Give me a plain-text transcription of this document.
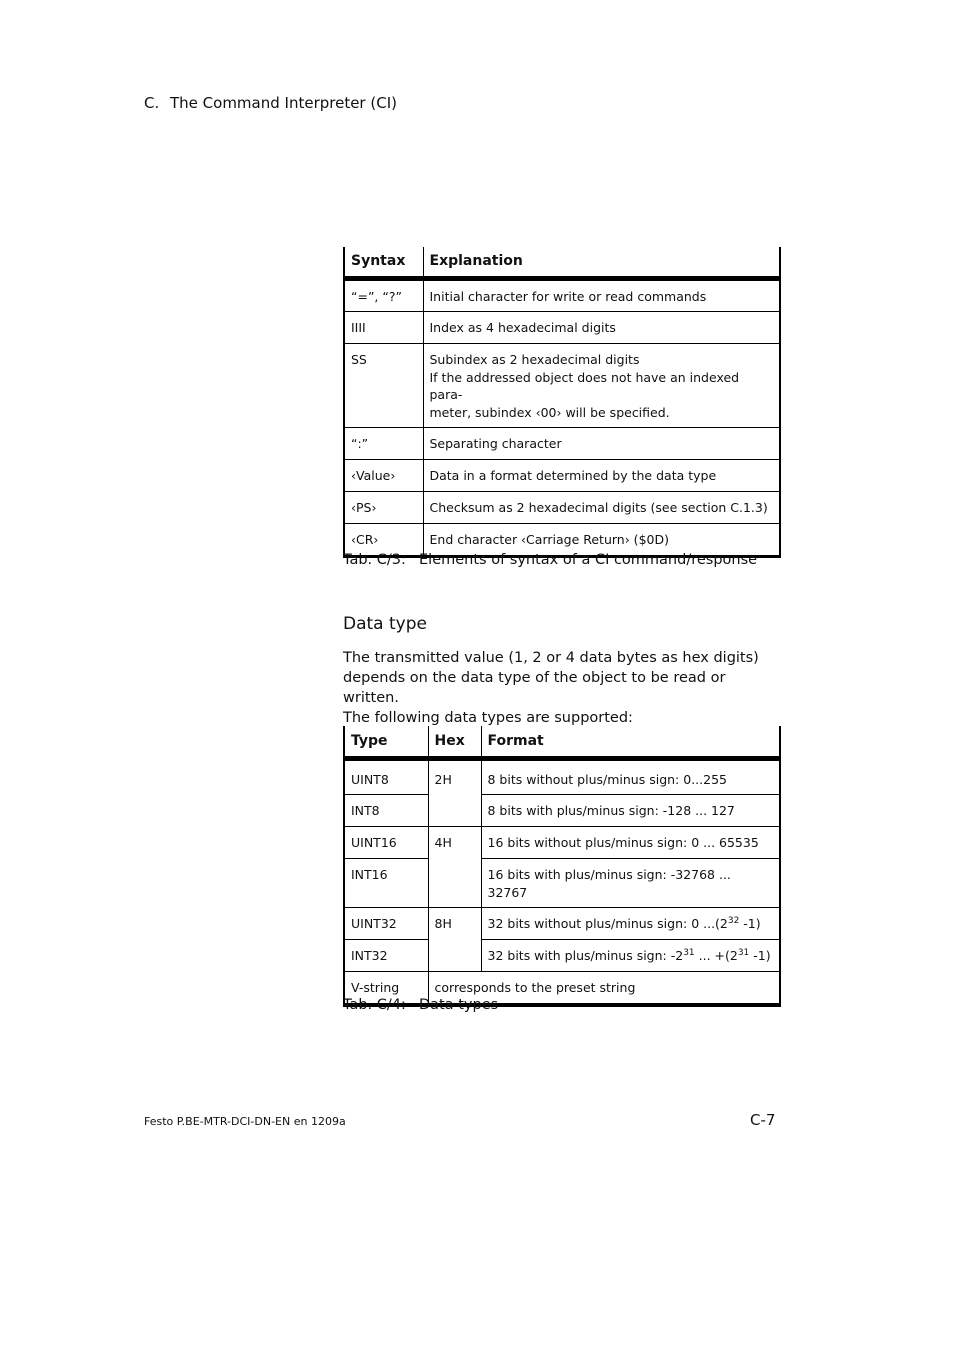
C. The Command Interpreter (CI)
Syntax	Explanation

“=”, “?”	Initial character for write or read commands

IIII	Index as 4 hexadecimal digits

SS	Subindex as 2 hexadecimal digits
If the addressed object does not have an indexed para-
meter, subindex ‹00› will be specified.

“:”	Separating character

‹Value›	Data in a format determined by the data type

‹PS›	Checksum as 2 hexadecimal digits (see section C.1.3)

‹CR›	End character ‹Carriage Return› ($0D)
Tab. C/3: Elements of syntax of a CI command/response
Data type
The transmitted value (1, 2 or 4 data bytes as hex digits)
depends on the data type of the object to be read or written.
The following data types are supported:
Type	Hex	Format

UINT8	2H	8 bits without plus/minus sign: 0...255

INT8		8 bits with plus/minus sign: -128 ... 127

UINT16	4H	16 bits without plus/minus sign: 0 ... 65535

INT16		16 bits with plus/minus sign: -32768 ... 32767

UINT32	8H	32 bits without plus/minus sign: 0 $...(2^{32}$ -1)

INT32		32 bits with plus/minus sign: $-2^{31}$ ... $+(2^{31}$ -1)

V-string	corresponds to the preset string	
Tab. C/4: Data types
Festo P.BE-MTR-DCI-DN-EN en 1209a	C-7
